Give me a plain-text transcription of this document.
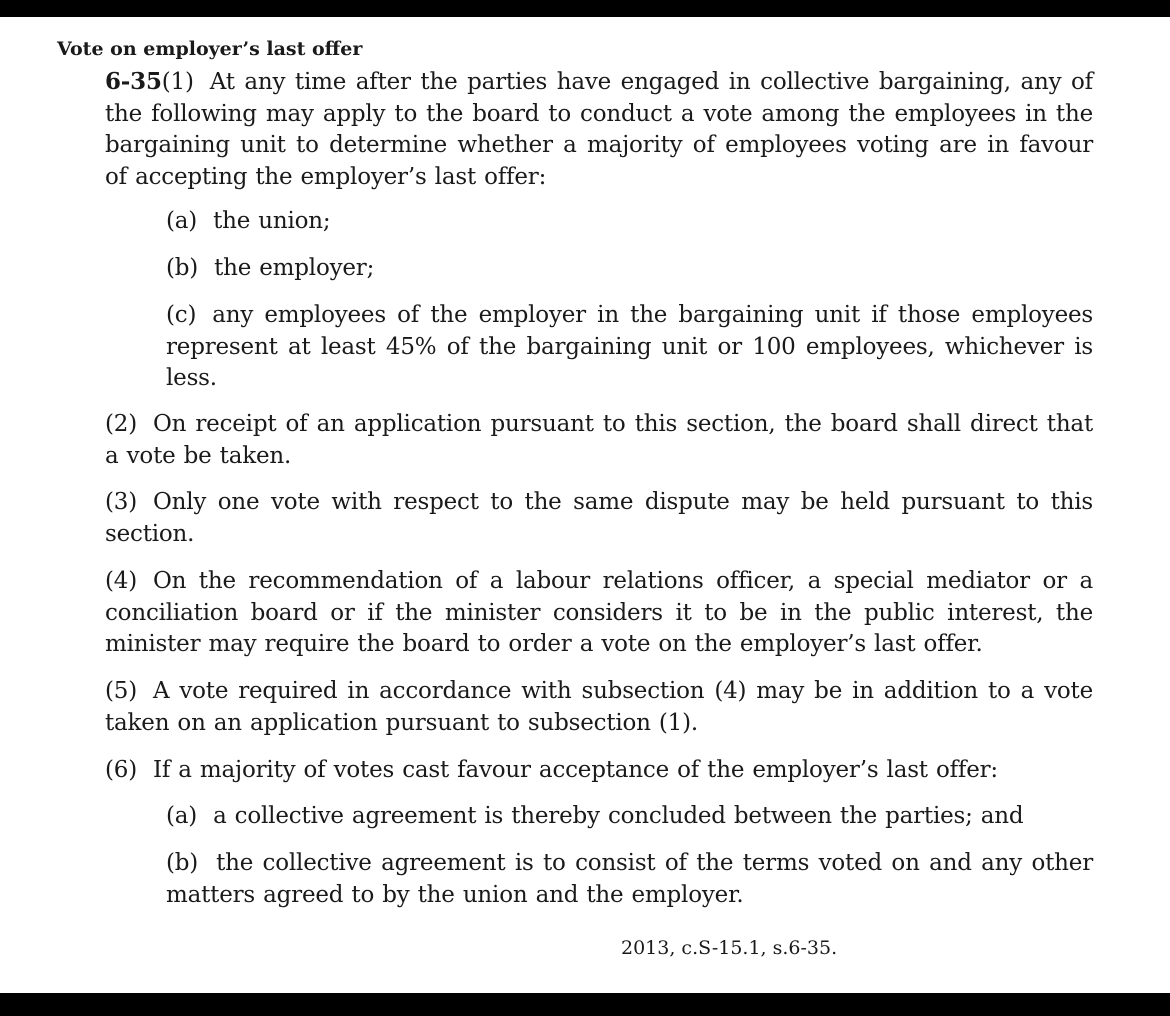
Vote on employer’s last offer
6-35(1) At any time after the parties have engaged in collective bargaining, any of the following may apply to the board to conduct a vote among the employees in the bargaining unit to determine whether a majority of employees voting are in favour of accepting the employer’s last offer:
(a) the union;
(b) the employer;
(c) any employees of the employer in the bargaining unit if those employees represent at least 45% of the bargaining unit or 100 employees, whichever is less.
(2) On receipt of an application pursuant to this section, the board shall direct that a vote be taken.
(3) Only one vote with respect to the same dispute may be held pursuant to this section.
(4) On the recommendation of a labour relations officer, a special mediator or a conciliation board or if the minister considers it to be in the public interest, the minister may require the board to order a vote on the employer’s last offer.
(5) A vote required in accordance with subsection (4) may be in addition to a vote taken on an application pursuant to subsection (1).
(6) If a majority of votes cast favour acceptance of the employer’s last offer:
(a) a collective agreement is thereby concluded between the parties; and
(b) the collective agreement is to consist of the terms voted on and any other matters agreed to by the union and the employer.
2013, c.S-15.1, s.6-35.
